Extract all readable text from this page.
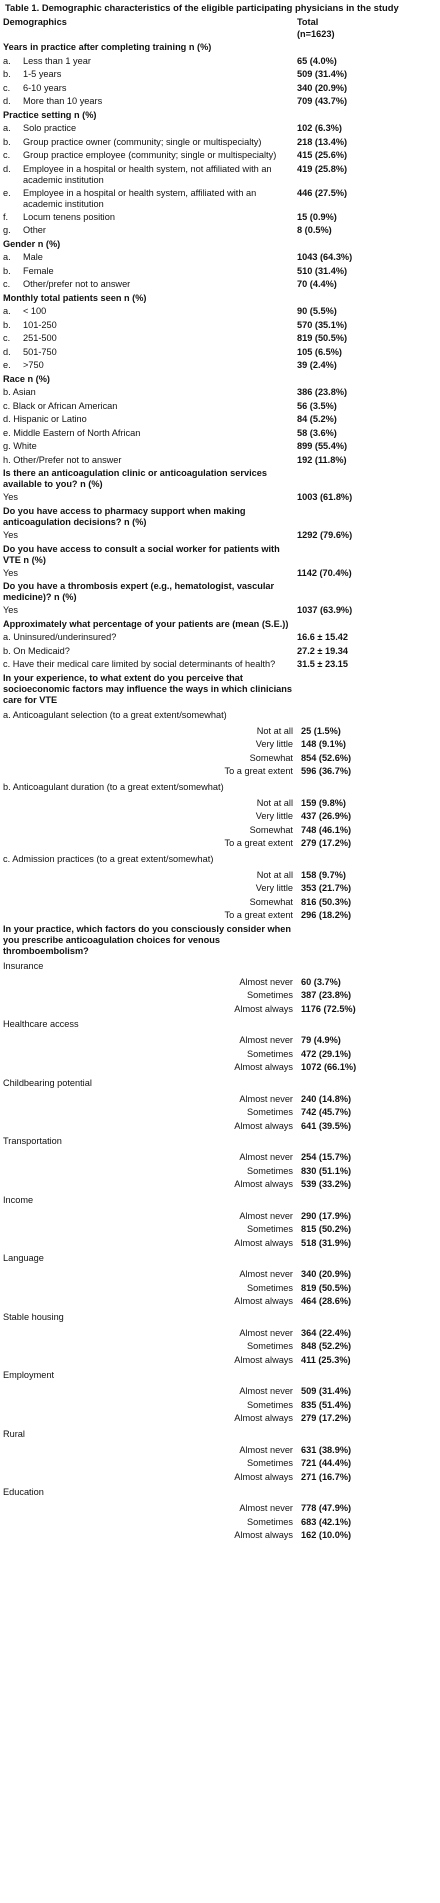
Table 1. Demographic characteristics of the eligible participating physicians in the study
Demographics	Total
(n=1623)
Years in practice after completing training n (%)
a.	Less than 1 year	65 (4.0%)
b.	1-5 years	509 (31.4%)
c.	6-10 years	340 (20.9%)
d.	More than 10 years	709 (43.7%)
Practice setting n (%)
a.	Solo practice	102 (6.3%)
b.	Group practice owner (community; single or multispecialty)	218 (13.4%)
c.	Group practice employee (community; single or multispecialty)	415 (25.6%)
d.	Employee in a hospital or health system, not affiliated with an academic institution
419 (25.8%)
e.	Employee in a hospital or health system, affiliated with an academic institution
446 (27.5%)
f.	Locum tenens position	15 (0.9%)
g.	Other	8 (0.5%)
Gender n (%)
a.	Male	1043 (64.3%)
b.	Female	510 (31.4%)
c.	Other/prefer not to answer	70 (4.4%)
Monthly total patients seen n (%)
a.	< 100	90 (5.5%)
b.	101-250	570 (35.1%)
c.	251-500	819 (50.5%)
d.	501-750	105 (6.5%)
e.	>750	39 (2.4%)
Race n (%)
b. Asian	386 (23.8%)
c. Black or African American	56 (3.5%)
d. Hispanic or Latino	84 (5.2%)
e. Middle Eastern of North African	58 (3.6%)
g. White	899 (55.4%)
h. Other/Prefer not to answer	192 (11.8%)
Is there an anticoagulation clinic or anticoagulation services available to you? n (%)
Yes	1003 (61.8%)
Do you have access to pharmacy support when making anticoagulation decisions? n (%)
Yes	1292 (79.6%)
Do you have access to consult a social worker for patients with VTE n (%)
Yes	1142 (70.4%)
Do you have a thrombosis expert (e.g., hematologist, vascular medicine)? n (%)
Yes	1037 (63.9%)
Approximately what percentage of your patients are (mean (S.E.))
a. Uninsured/underinsured?	16.6 ± 15.42
b. On Medicaid?	27.2 ± 19.34
c. Have their medical care limited by social determinants of health?	31.5 ± 23.15
In your experience, to what extent do you perceive that socioeconomic factors may influence the ways in which clinicians care for VTE
a. Anticoagulant selection (to a great extent/somewhat)
Not at all 25 (1.5%)
Very little 148 (9.1%)
Somewhat 854 (52.6%)
To a great extent 596 (36.7%)
b. Anticoagulant duration (to a great extent/somewhat)
Not at all 159 (9.8%)
Very little 437 (26.9%)
Somewhat 748 (46.1%)
To a great extent 279 (17.2%)
c. Admission practices (to a great extent/somewhat)
Not at all 158 (9.7%)
Very little 353 (21.7%)
Somewhat 816 (50.3%)
To a great extent 296 (18.2%)
In your practice, which factors do you consciously consider when you prescribe anticoagulation choices for venous thromboembolism?
Insurance
Almost never 60 (3.7%)
Sometimes 387 (23.8%)
Almost always 1176 (72.5%)
Healthcare access
Almost never 79 (4.9%)
Sometimes 472 (29.1%)
Almost always 1072 (66.1%)
Childbearing potential
Almost never 240 (14.8%)
Sometimes 742 (45.7%)
Almost always 641 (39.5%)
Transportation
Almost never 254 (15.7%)
Sometimes 830 (51.1%)
Almost always 539 (33.2%)
Income
Almost never 290 (17.9%)
Sometimes 815 (50.2%)
Almost always 518 (31.9%)
Language
Almost never 340 (20.9%)
Sometimes 819 (50.5%)
Almost always 464 (28.6%)
Stable housing
Almost never 364 (22.4%)
Sometimes 848 (52.2%)
Almost always 411 (25.3%)
Employment
Almost never 509 (31.4%)
Sometimes 835 (51.4%)
Almost always 279 (17.2%)
Rural
Almost never 631 (38.9%)
Sometimes 721 (44.4%)
Almost always 271 (16.7%)
Education
Almost never 778 (47.9%)
Sometimes 683 (42.1%)
Almost always 162 (10.0%)
